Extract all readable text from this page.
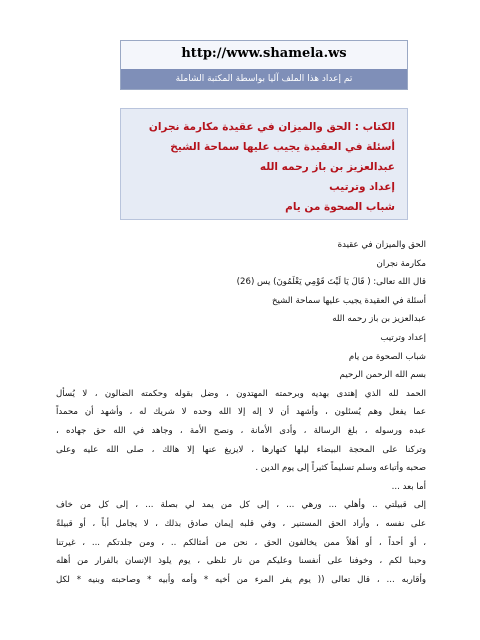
http://www.shamela.ws
تم إعداد هذا الملف آليا بواسطة المكتبة الشاملة
الكتاب : الحق والميزان في عقيدة مكارمة نجران
أسئلة في العقيدة يجيب عليها سماحة الشيخ
عبدالعزيز بن باز رحمه الله
إعداد وترتيب
شباب الصحوة من يام
الحق والميزان في عقيدة
مكارمة نجران
قال الله تعالى: ( قَالَ يَا لَيْتَ قَوْمِي يَعْلَمُونَ) يس (26)
أسئلة في العقيدة يجيب عليها سماحة الشيخ
عبدالعزيز بن باز رحمه الله
إعداد وترتيب
شباب الصحوة من يام
بسم الله الرحمن الرحيم
الحمد لله الذي إهتدى بهديه وبرحمته المهتدون ، وضل بقوله وحكمته الضالون ، لا يُسأل
عما يفعل وهم يُسئلون ، وأشهد أن لا إله إلا الله وحده لا شريك له ، وأشهد أن محمداً
عبده ورسوله ، بلغ الرسالة ، وأدى الأمانة ، ونصح الأمة ، وجاهد في الله حق جهاده ،
وتركنا على المحجة البيضاء ليلها كنهارها ، لايزيغ عنها إلا هالك ، صلى الله عليه وعلى
صحبه وأتباعه وسلم تسليماً كثيراً إلى يوم الدين .
أما بعد ...
إلى قبيلتي .. وأهلي ... ورهي ... ، إلى كل من يمد لي بصلة ... ، إلى كل من خاف
على نفسه ، وأراد الحق المستنير ، وفي قلبه إيمان صادق بذلك ، لا يجامل أباً ، أو قبيلةً
، أو أحداً ، أو أهلاً ممن يخالفون الحق ، نحن من أمثالكم .. ، ومن جلدتكم ... ، غيرتنا
وحبنا لكم ، وخوفنا على أنفسنا وعليكم من نار تلظى ، يوم يلوذ الإنسان بالفرار من أهله
وأقاربه ... ، قال تعالى (( يوم يفر المرء من أخيه * وأمه وأبيه * وصاحبته وبنيه * لكل
